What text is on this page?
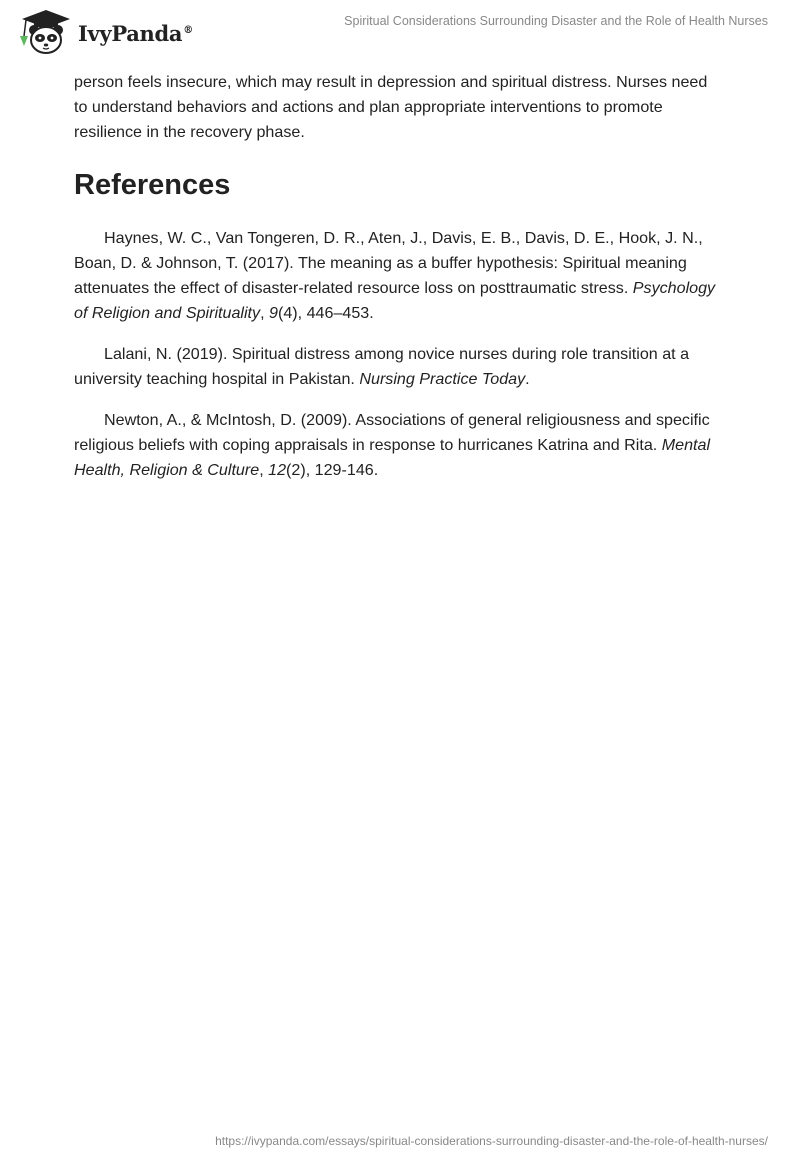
IvyPanda®
Spiritual Considerations Surrounding Disaster and the Role of Health Nurses

person feels insecure, which may result in depression and spiritual distress. Nurses need to understand behaviors and actions and plan appropriate interventions to promote resilience in the recovery phase.

References

Haynes, W. C., Van Tongeren, D. R., Aten, J., Davis, E. B., Davis, D. E., Hook, J. N., Boan, D. & Johnson, T. (2017). The meaning as a buffer hypothesis: Spiritual meaning attenuates the effect of disaster-related resource loss on posttraumatic stress. Psychology of Religion and Spirituality, 9(4), 446–453.

Lalani, N. (2019). Spiritual distress among novice nurses during role transition at a university teaching hospital in Pakistan. Nursing Practice Today.

Newton, A., & McIntosh, D. (2009). Associations of general religiousness and specific religious beliefs with coping appraisals in response to hurricanes Katrina and Rita. Mental Health, Religion & Culture, 12(2), 129-146.

https://ivypanda.com/essays/spiritual-considerations-surrounding-disaster-and-the-role-of-health-nurses/
